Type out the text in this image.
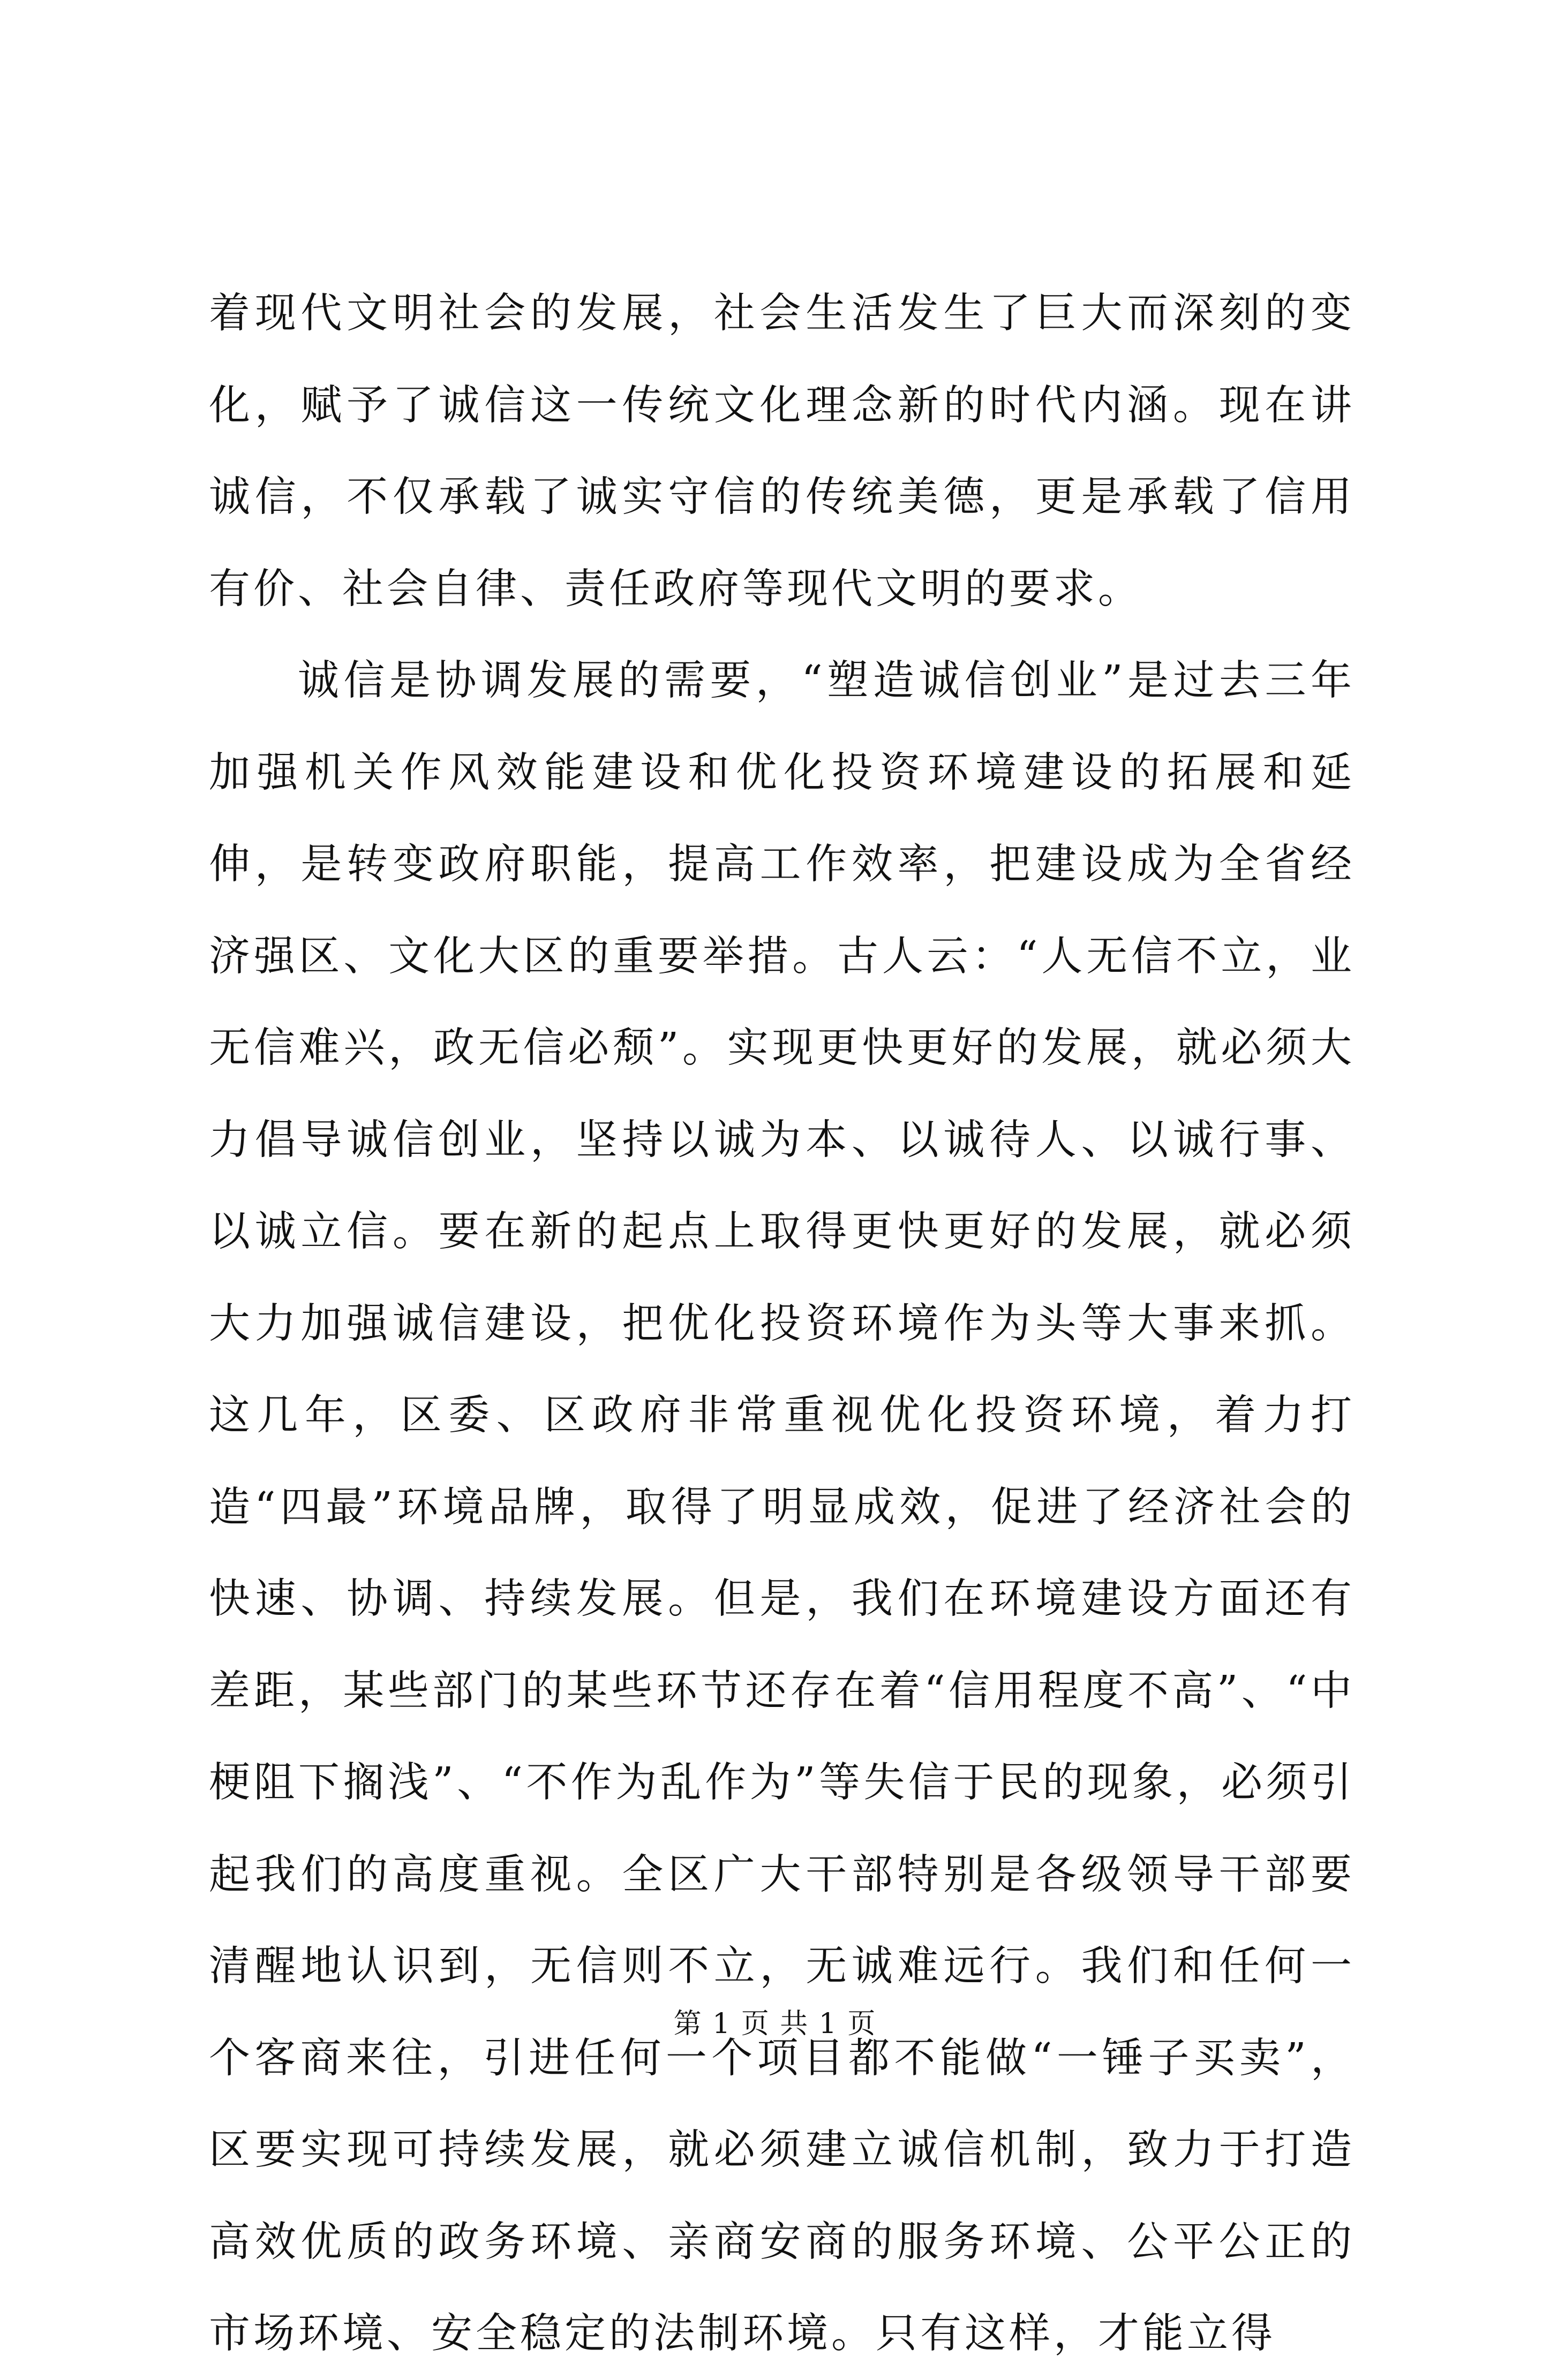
着现代文明社会的发展，社会生活发生了巨大而深刻的变化，赋予了诚信这一传统文化理念新的时代内涵。现在讲诚信，不仅承载了诚实守信的传统美德，更是承载了信用有价、社会自律、责任政府等现代文明的要求。

诚信是协调发展的需要，“塑造诚信创业”是过去三年加强机关作风效能建设和优化投资环境建设的拓展和延伸，是转变政府职能，提高工作效率，把建设成为全省经济强区、文化大区的重要举措。古人云：“人无信不立，业无信难兴，政无信必颓”。实现更快更好的发展，就必须大力倡导诚信创业，坚持以诚为本、以诚待人、以诚行事、以诚立信。要在新的起点上取得更快更好的发展，就必须大力加强诚信建设，把优化投资环境作为头等大事来抓。这几年，区委、区政府非常重视优化投资环境，着力打造“四最”环境品牌，取得了明显成效，促进了经济社会的快速、协调、持续发展。但是，我们在环境建设方面还有差距，某些部门的某些环节还存在着“信用程度不高”、“中梗阻下搁浅”、“不作为乱作为”等失信于民的现象，必须引起我们的高度重视。全区广大干部特别是各级领导干部要清醒地认识到，无信则不立，无诚难远行。我们和任何一个客商来往，引进任何一个项目都不能做“一锤子买卖”，区要实现可持续发展，就必须建立诚信机制，致力于打造高效优质的政务环境、亲商安商的服务环境、公平公正的市场环境、安全稳定的法制环境。只有这样，才能立得

第 1 页 共 1 页
